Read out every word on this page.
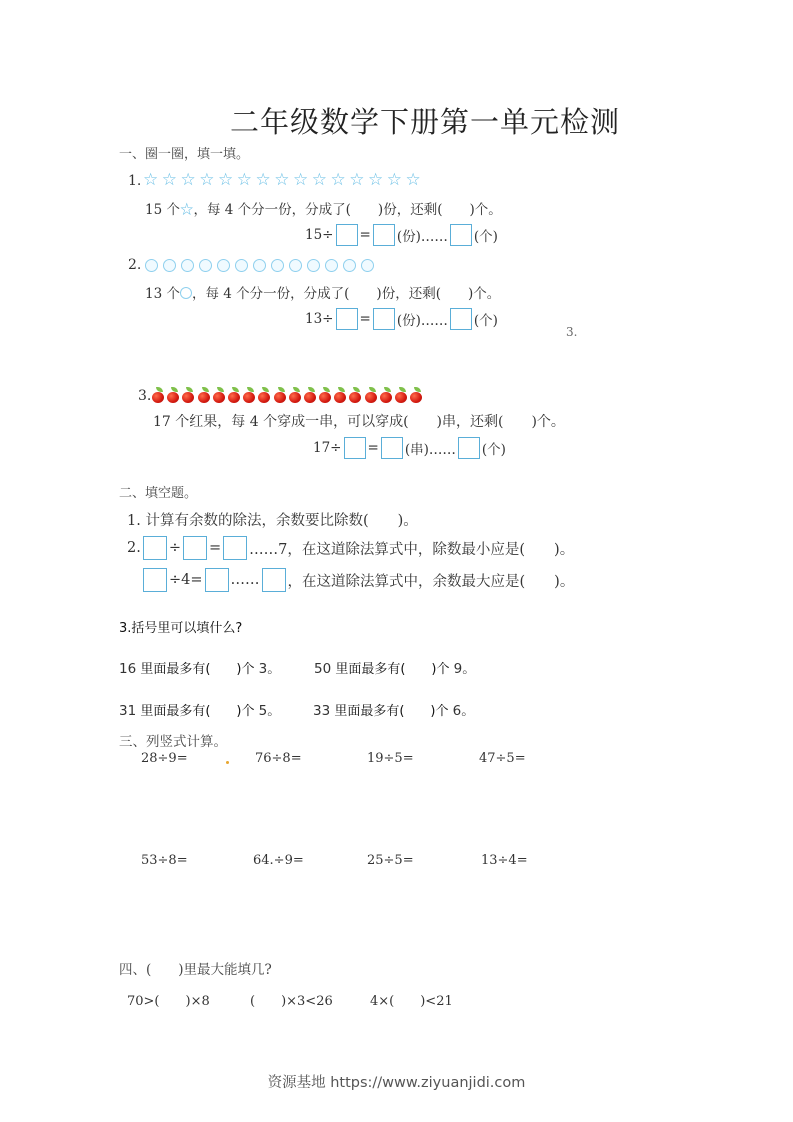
二年级数学下册第一单元检测
一、圈一圈，填一填。
1. ☆☆☆☆☆☆☆☆☆☆☆☆☆☆☆
15 个☆，每 4 个分一份，分成了(　　)份，还剩(　　)个。
15÷ = (份)…… (个)
2.
13 个 ，每 4 个分一份，分成了(　　)份，还剩(　　)个。
13÷ = (份)…… (个)
3.
3.
17 个红果，每 4 个穿成一串，可以穿成(　　)串，还剩(　　)个。
17÷ = (串)…… (个)
二、填空题。
1. 计算有余数的除法，余数要比除数(　　)。
2. ÷ = ……7，在这道除法算式中，除数最小应是(　　)。
÷4= …… ，在这道除法算式中，余数最大应是(　　)。
3.括号里可以填什么?
16 里面最多有(　　)个 3。 50 里面最多有(　　)个 9。
31 里面最多有(　　)个 5。 33 里面最多有(　　)个 6。
三、列竖式计算。
28÷9=	76÷8=	19÷5=	47÷5=
53÷8=	64.÷9=	25÷5=	13÷4=
四、(　　)里最大能填几?
70>(　　)×8	(　　)×3<26	4×(　　)<21
资源基地 https://www.ziyuanjidi.com
